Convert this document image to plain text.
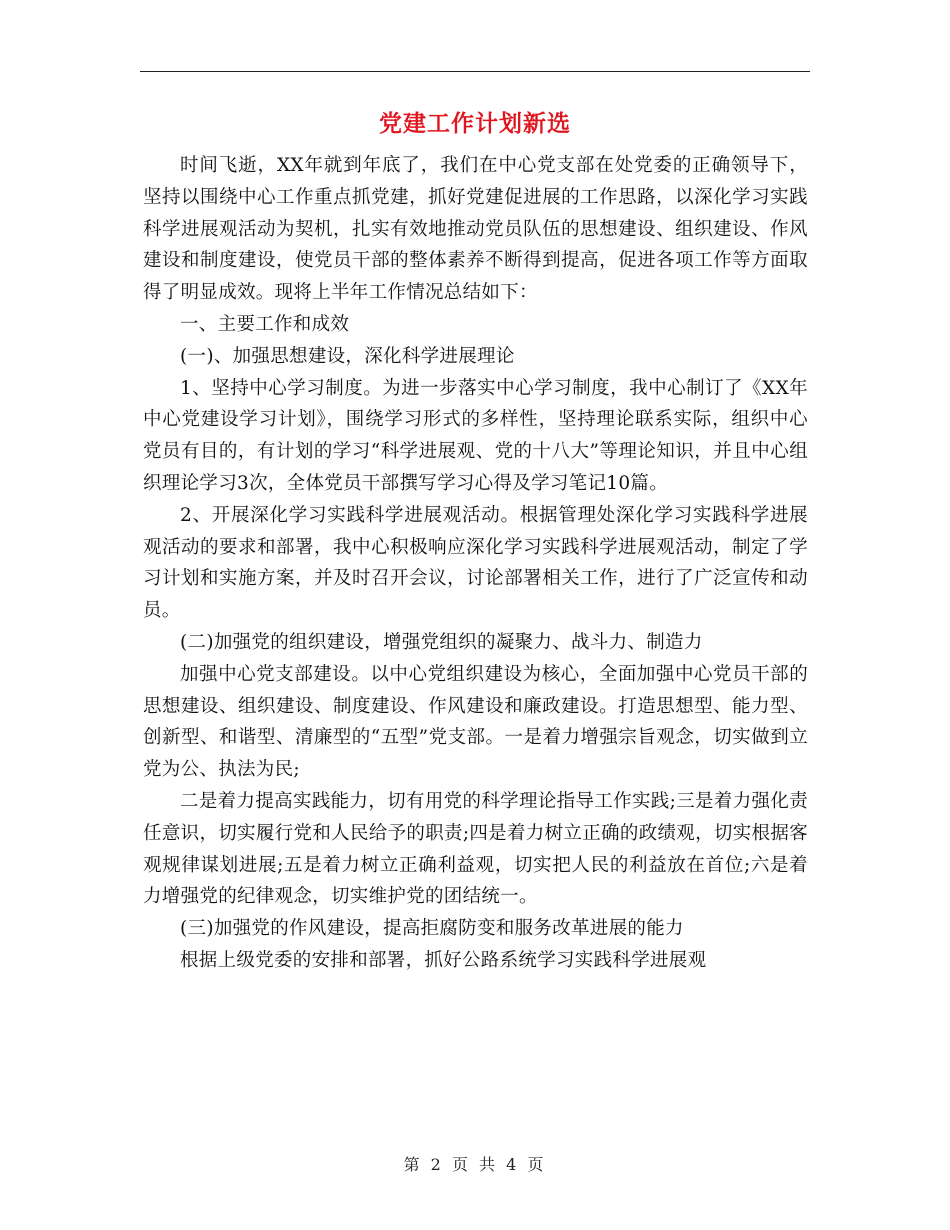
党建工作计划新选

时间飞逝，XX年就到年底了，我们在中心党支部在处党委的正确领导下，坚持以围绕中心工作重点抓党建，抓好党建促进展的工作思路，以深化学习实践科学进展观活动为契机，扎实有效地推动党员队伍的思想建设、组织建设、作风建设和制度建设，使党员干部的整体素养不断得到提高，促进各项工作等方面取得了明显成效。现将上半年工作情况总结如下：

一、主要工作和成效

(一)、加强思想建设，深化科学进展理论

1、坚持中心学习制度。为进一步落实中心学习制度，我中心制订了《XX年中心党建设学习计划》，围绕学习形式的多样性，坚持理论联系实际，组织中心党员有目的，有计划的学习“科学进展观、党的十八大”等理论知识，并且中心组织理论学习3次，全体党员干部撰写学习心得及学习笔记10篇。

2、开展深化学习实践科学进展观活动。根据管理处深化学习实践科学进展观活动的要求和部署，我中心积极响应深化学习实践科学进展观活动，制定了学习计划和实施方案，并及时召开会议，讨论部署相关工作，进行了广泛宣传和动员。

(二)加强党的组织建设，增强党组织的凝聚力、战斗力、制造力

加强中心党支部建设。以中心党组织建设为核心，全面加强中心党员干部的思想建设、组织建设、制度建设、作风建设和廉政建设。打造思想型、能力型、创新型、和谐型、清廉型的“五型”党支部。一是着力增强宗旨观念，切实做到立党为公、执法为民;

二是着力提高实践能力，切有用党的科学理论指导工作实践;三是着力强化责任意识，切实履行党和人民给予的职责;四是着力树立正确的政绩观，切实根据客观规律谋划进展;五是着力树立正确利益观，切实把人民的利益放在首位;六是着力增强党的纪律观念，切实维护党的团结统一。

(三)加强党的作风建设，提高拒腐防变和服务改革进展的能力

根据上级党委的安排和部署，抓好公路系统学习实践科学进展观

第 2 页 共 4 页
